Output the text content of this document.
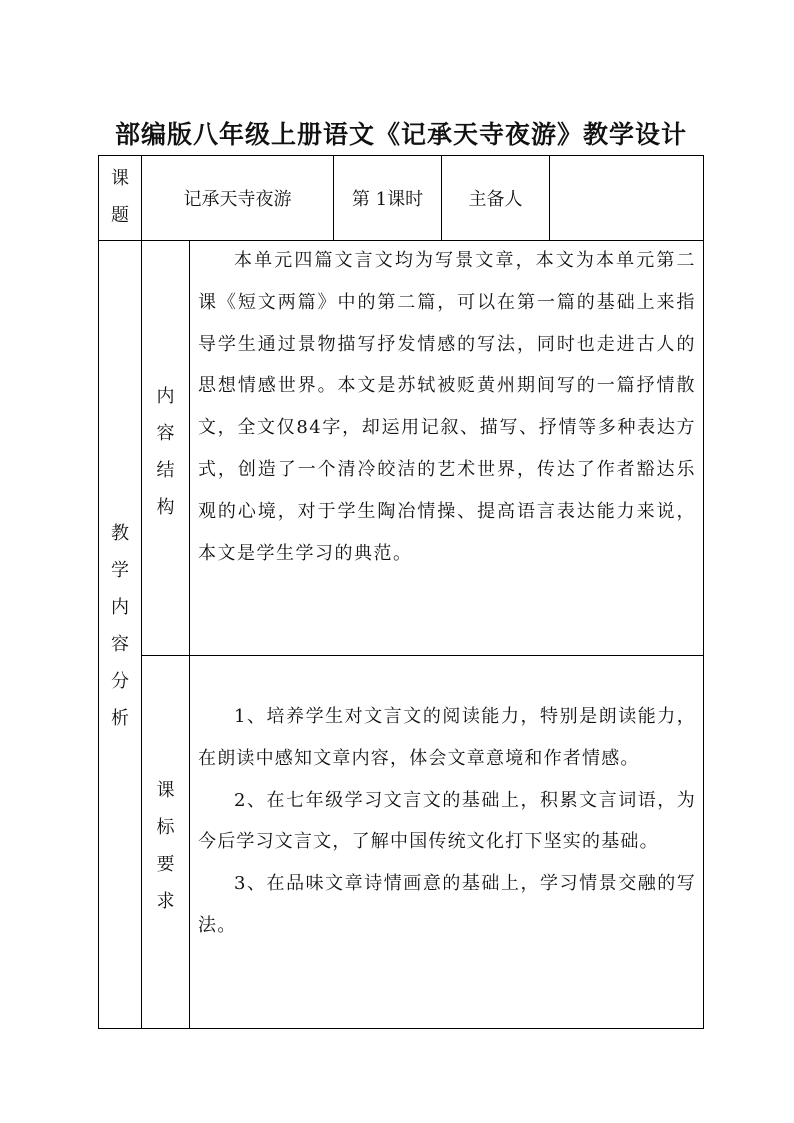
部编版八年级上册语文《记承天寺夜游》教学设计
课
题
记承天寺夜游	第 1课时	主备人
教
学
内
容
分
析
内
容
结
构

本单元四篇文言文均为写景文章，本文为本单元第二课《短文两篇》中的第二篇，可以在第一篇的基础上来指导学生通过景物描写抒发情感的写法，同时也走进古人的思想情感世界。本文是苏轼被贬黄州期间写的一篇抒情散文，全文仅84字，却运用记叙、描写、抒情等多种表达方式，创造了一个清冷皎洁的艺术世界，传达了作者豁达乐观的心境，对于学生陶冶情操、提高语言表达能力来说，本文是学生学习的典范。

课
标
要
求

1、培养学生对文言文的阅读能力，特别是朗读能力，在朗读中感知文章内容，体会文章意境和作者情感。

2、在七年级学习文言文的基础上，积累文言词语，为今后学习文言文，了解中国传统文化打下坚实的基础。

3、在品味文章诗情画意的基础上，学习情景交融的写法。
